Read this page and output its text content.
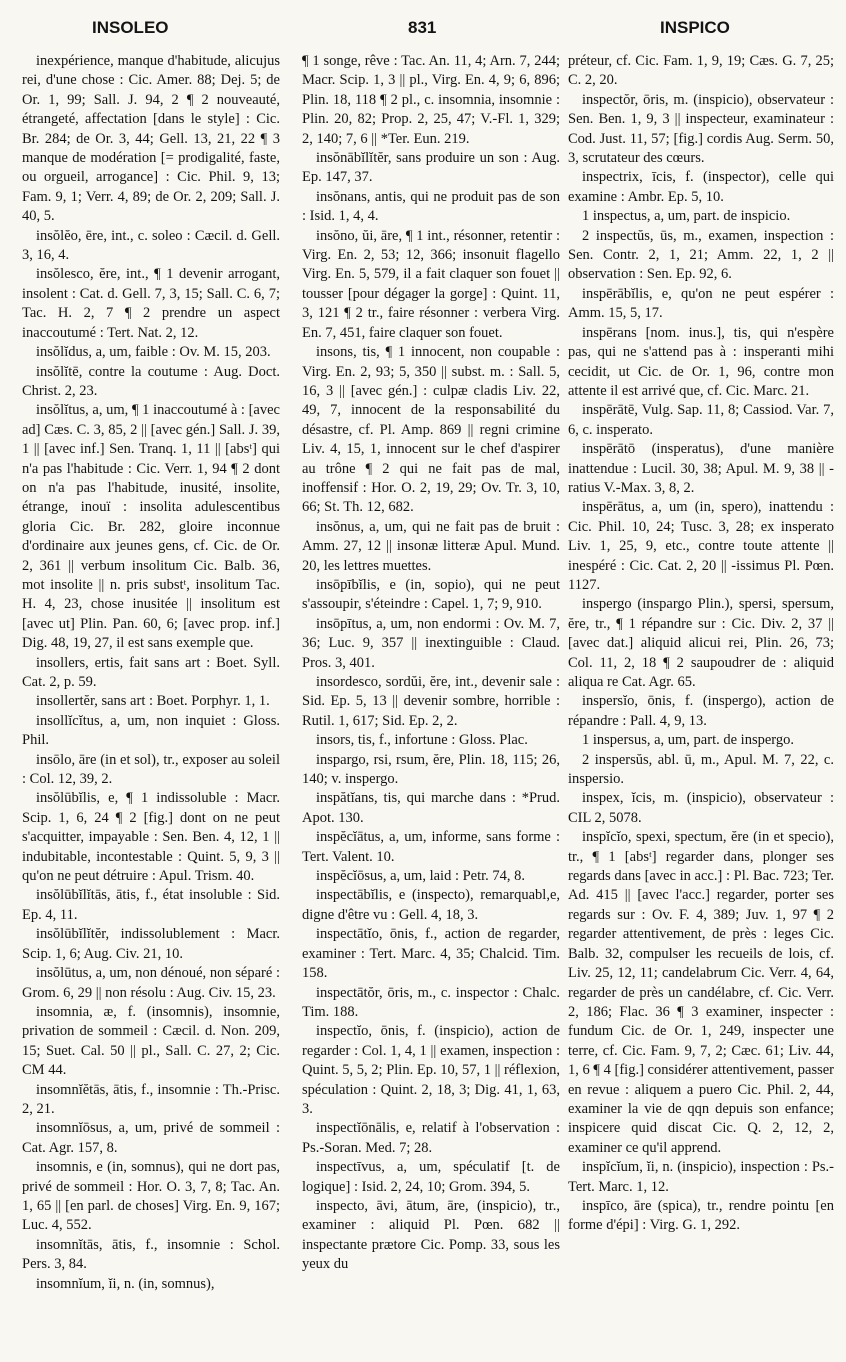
INSOLEO	831	INSPICO

inexpérience, manque d'habitude, alicujus rei, d'une chose : Cic. Amer. 88; Dej. 5; de Or. 1, 99; Sall. J. 94, 2 ¶ 2 nouveauté, étrangeté, affectation [dans le style] : Cic. Br. 284; de Or. 3, 44; Gell. 13, 21, 22 ¶ 3 manque de modération [= prodigalité, faste, ou orgueil, arrogance] : Cic. Phil. 9, 13; Fam. 9, 1; Verr. 4, 89; de Or. 2, 209; Sall. J. 40, 5.

insŏlĕo, ēre, int., c. soleo : Cæcil. d. Gell. 3, 16, 4.

insŏlesco, ĕre, int., ¶ 1 devenir arrogant, insolent : Cat. d. Gell. 7, 3, 15; Sall. C. 6, 7; Tac. H. 2, 7 ¶ 2 prendre un aspect inaccoutumé : Tert. Nat. 2, 12.

insŏlĭdus, a, um, faible : Ov. M. 15, 203.

insŏlĭtē, contre la coutume : Aug. Doct. Christ. 2, 23.

insŏlĭtus, a, um, ¶ 1 inaccoutumé à : [avec ad] Cæs. C. 3, 85, 2 || [avec gén.] Sall. J. 39, 1 || [avec inf.] Sen. Tranq. 1, 11 || [absᵗ] qui n'a pas l'habitude : Cic. Verr. 1, 94 ¶ 2 dont on n'a pas l'habitude, inusité, insolite, étrange, inouï : insolita adulescentibus gloria Cic. Br. 282, gloire inconnue d'ordinaire aux jeunes gens, cf. Cic. de Or. 2, 361 || verbum insolitum Cic. Balb. 36, mot insolite || n. pris substᵗ, insolitum Tac. H. 4, 23, chose inusitée || insolitum est [avec ut] Plin. Pan. 60, 6; [avec prop. inf.] Dig. 48, 19, 27, il est sans exemple que.

insollers, ertis, fait sans art : Boet. Syll. Cat. 2, p. 59.

insollertĕr, sans art : Boet. Porphyr. 1, 1.

insollĭcĭtus, a, um, non inquiet : Gloss. Phil.

insōlo, āre (in et sol), tr., exposer au soleil : Col. 12, 39, 2.

insŏlūbĭlis, e, ¶ 1 indissoluble : Macr. Scip. 1, 6, 24 ¶ 2 [fig.] dont on ne peut s'acquitter, impayable : Sen. Ben. 4, 12, 1 || indubitable, incontestable : Quint. 5, 9, 3 || qu'on ne peut détruire : Apul. Trism. 40.

insŏlūbĭlĭtās, ātis, f., état insoluble : Sid. Ep. 4, 11.

insŏlūbĭlĭtĕr, indissolublement : Macr. Scip. 1, 6; Aug. Civ. 21, 10.

insŏlūtus, a, um, non dénoué, non séparé : Grom. 6, 29 || non résolu : Aug. Civ. 15, 23.

insomnia, æ, f. (insomnis), insomnie, privation de sommeil : Cæcil. d. Non. 209, 15; Suet. Cal. 50 || pl., Sall. C. 27, 2; Cic. CM 44.

insomnĭĕtās, ātis, f., insomnie : Th.-Prisc. 2, 21.

insomnĭōsus, a, um, privé de sommeil : Cat. Agr. 157, 8.

insomnis, e (in, somnus), qui ne dort pas, privé de sommeil : Hor. O. 3, 7, 8; Tac. An. 1, 65 || [en parl. de choses] Virg. En. 9, 167; Luc. 4, 552.

insomnĭtās, ātis, f., insomnie : Schol. Pers. 3, 84.

insomnĭum, ĭi, n. (in, somnus),

¶ 1 songe, rêve : Tac. An. 11, 4; Arn. 7, 244; Macr. Scip. 1, 3 || pl., Virg. En. 4, 9; 6, 896; Plin. 18, 118 ¶ 2 pl., c. insomnia, insomnie : Plin. 20, 82; Prop. 2, 25, 47; V.-Fl. 1, 329; 2, 140; 7, 6 || *Ter. Eun. 219.

insŏnābĭlĭtĕr, sans produire un son : Aug. Ep. 147, 37.

insŏnans, antis, qui ne produit pas de son : Isid. 1, 4, 4.

insŏno, ŭi, āre, ¶ 1 int., résonner, retentir : Virg. En. 2, 53; 12, 366; insonuit flagello Virg. En. 5, 579, il a fait claquer son fouet || tousser [pour dégager la gorge] : Quint. 11, 3, 121 ¶ 2 tr., faire résonner : verbera Virg. En. 7, 451, faire claquer son fouet.

insons, tis, ¶ 1 innocent, non coupable : Virg. En. 2, 93; 5, 350 || subst. m. : Sall. 5, 16, 3 || [avec gén.] : culpæ cladis Liv. 22, 49, 7, innocent de la responsabilité du désastre, cf. Pl. Amp. 869 || regni crimine Liv. 4, 15, 1, innocent sur le chef d'aspirer au trône ¶ 2 qui ne fait pas de mal, inoffensif : Hor. O. 2, 19, 29; Ov. Tr. 3, 10, 66; St. Th. 12, 682.

insŏnus, a, um, qui ne fait pas de bruit : Amm. 27, 12 || insonæ litteræ Apul. Mund. 20, les lettres muettes.

insōpībĭlis, e (in, sopio), qui ne peut s'assoupir, s'éteindre : Capel. 1, 7; 9, 910.

insōpītus, a, um, non endormi : Ov. M. 7, 36; Luc. 9, 357 || inextinguible : Claud. Pros. 3, 401.

insordesco, sordŭi, ĕre, int., devenir sale : Sid. Ep. 5, 13 || devenir sombre, horrible : Rutil. 1, 617; Sid. Ep. 2, 2.

insors, tis, f., infortune : Gloss. Plac.

inspargo, rsi, rsum, ĕre, Plin. 18, 115; 26, 140; v. inspergo.

inspătĭans, tis, qui marche dans : *Prud. Apot. 130.

inspĕcĭātus, a, um, informe, sans forme : Tert. Valent. 10.

inspĕcĭōsus, a, um, laid : Petr. 74, 8.

inspectābĭlis, e (inspecto), remarquabl,e, digne d'être vu : Gell. 4, 18, 3.

inspectātĭo, ōnis, f., action de regarder, examiner : Tert. Marc. 4, 35; Chalcid. Tim. 158.

inspectātŏr, ōris, m., c. inspector : Chalc. Tim. 188.

inspectĭo, ōnis, f. (inspicio), action de regarder : Col. 1, 4, 1 || examen, inspection : Quint. 5, 5, 2; Plin. Ep. 10, 57, 1 || réflexion, spéculation : Quint. 2, 18, 3; Dig. 41, 1, 63, 3.

inspectĭōnālis, e, relatif à l'observation : Ps.-Soran. Med. 7; 28.

inspectīvus, a, um, spéculatif [t. de logique] : Isid. 2, 24, 10; Grom. 394, 5.

inspecto, āvi, ātum, āre, (inspicio), tr., examiner : aliquid Pl. Pœn. 682 || inspectante prætore Cic. Pomp. 33, sous les yeux du

préteur, cf. Cic. Fam. 1, 9, 19; Cæs. G. 7, 25; C. 2, 20.

inspectŏr, ōris, m. (inspicio), observateur : Sen. Ben. 1, 9, 3 || inspecteur, examinateur : Cod. Just. 11, 57; [fig.] cordis Aug. Serm. 50, 3, scrutateur des cœurs.

inspectrix, īcis, f. (inspector), celle qui examine : Ambr. Ep. 5, 10.

1 inspectus, a, um, part. de inspicio.

2 inspectŭs, ūs, m., examen, inspection : Sen. Contr. 2, 1, 21; Amm. 22, 1, 2 || observation : Sen. Ep. 92, 6.

inspērābĭlis, e, qu'on ne peut espérer : Amm. 15, 5, 17.

inspērans [nom. inus.], tis, qui n'espère pas, qui ne s'attend pas à : insperanti mihi cecidit, ut Cic. de Or. 1, 96, contre mon attente il est arrivé que, cf. Cic. Marc. 21.

inspērātē, Vulg. Sap. 11, 8; Cassiod. Var. 7, 6, c. insperato.

inspērātō (insperatus), d'une manière inattendue : Lucil. 30, 38; Apul. M. 9, 38 || -ratius V.-Max. 3, 8, 2.

inspērātus, a, um (in, spero), inattendu : Cic. Phil. 10, 24; Tusc. 3, 28; ex insperato Liv. 1, 25, 9, etc., contre toute attente || inespéré : Cic. Cat. 2, 20 || -issimus Pl. Pœn. 1127.

inspergo (inspargo Plin.), spersi, spersum, ĕre, tr., ¶ 1 répandre sur : Cic. Div. 2, 37 || [avec dat.] aliquid alicui rei, Plin. 26, 73; Col. 11, 2, 18 ¶ 2 saupoudrer de : aliquid aliqua re Cat. Agr. 65.

inspersĭo, ōnis, f. (inspergo), action de répandre : Pall. 4, 9, 13.

1 inspersus, a, um, part. de inspergo.

2 inspersŭs, abl. ū, m., Apul. M. 7, 22, c. inspersio.

inspex, ĭcis, m. (inspicio), observateur : CIL 2, 5078.

inspĭcĭo, spexi, spectum, ĕre (in et specio), tr., ¶ 1 [absᵗ] regarder dans, plonger ses regards dans [avec in acc.] : Pl. Bac. 723; Ter. Ad. 415 || [avec l'acc.] regarder, porter ses regards sur : Ov. F. 4, 389; Juv. 1, 97 ¶ 2 regarder attentivement, de près : leges Cic. Balb. 32, compulser les recueils de lois, cf. Liv. 25, 12, 11; candelabrum Cic. Verr. 4, 64, regarder de près un candélabre, cf. Cic. Verr. 2, 186; Flac. 36 ¶ 3 examiner, inspecter : fundum Cic. de Or. 1, 249, inspecter une terre, cf. Cic. Fam. 9, 7, 2; Cæc. 61; Liv. 44, 1, 6 ¶ 4 [fig.] considérer attentivement, passer en revue : aliquem a puero Cic. Phil. 2, 44, examiner la vie de qqn depuis son enfance; inspicere quid discat Cic. Q. 2, 12, 2, examiner ce qu'il apprend.

inspĭcĭum, ĭi, n. (inspicio), inspection : Ps.-Tert. Marc. 1, 12.

inspīco, āre (spica), tr., rendre pointu [en forme d'épi] : Virg. G. 1, 292.
